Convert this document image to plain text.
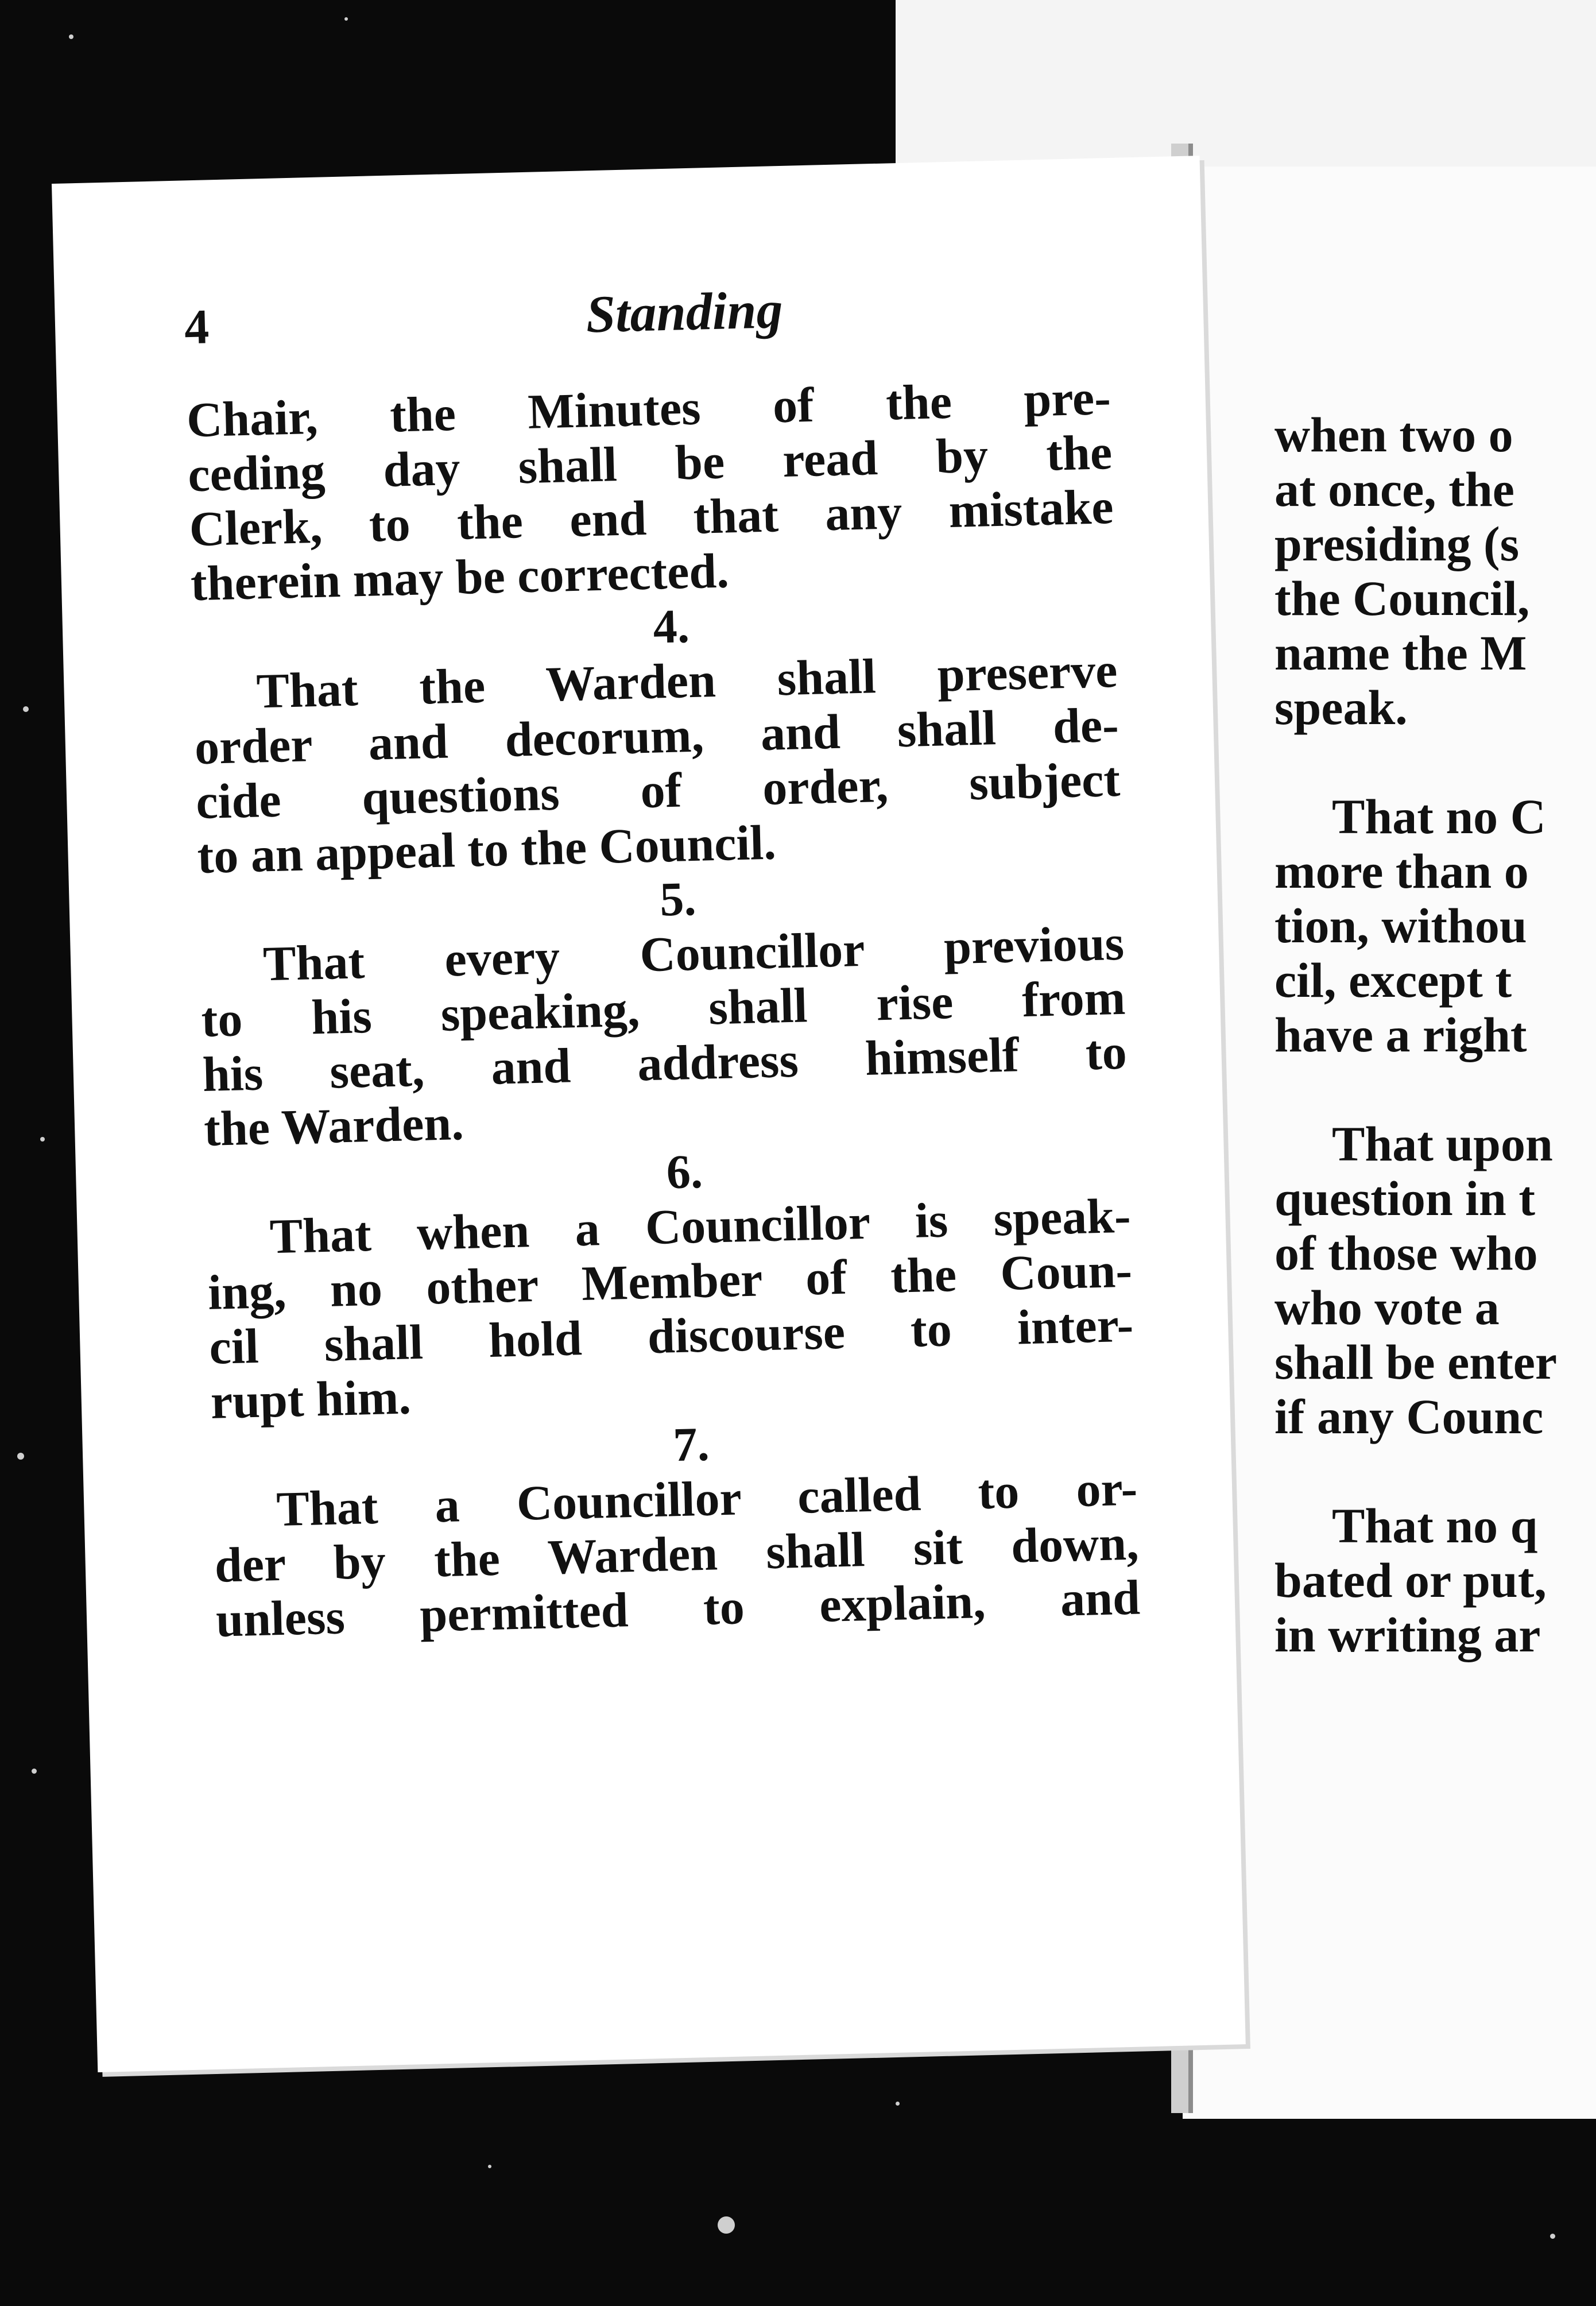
4	Standing
Chair, the Minutes of the pre-
ceding day shall be read by the
Clerk, to the end that any mistake
therein may be corrected.
4.
That the Warden shall preserve
order and decorum, and shall de-
cide questions of order, subject
to an appeal to the Council.
5.
That every Councillor previous
to his speaking, shall rise from
his seat, and address himself to
the Warden.
6.
That when a Councillor is speak-
ing, no other Member of the Coun-
cil shall hold discourse to inter-
rupt him.
7.
That a Councillor called to or-
der by the Warden shall sit down,
unless permitted to explain, and
when two o
at once, the
presiding (s
the Council,
name the M
speak.
That no C
more than o
tion, withou
cil, except t
have a right
That upon
question in t
of those who
who vote a
shall be enter
if any Counc
That no q
bated or put,
in writing ar
